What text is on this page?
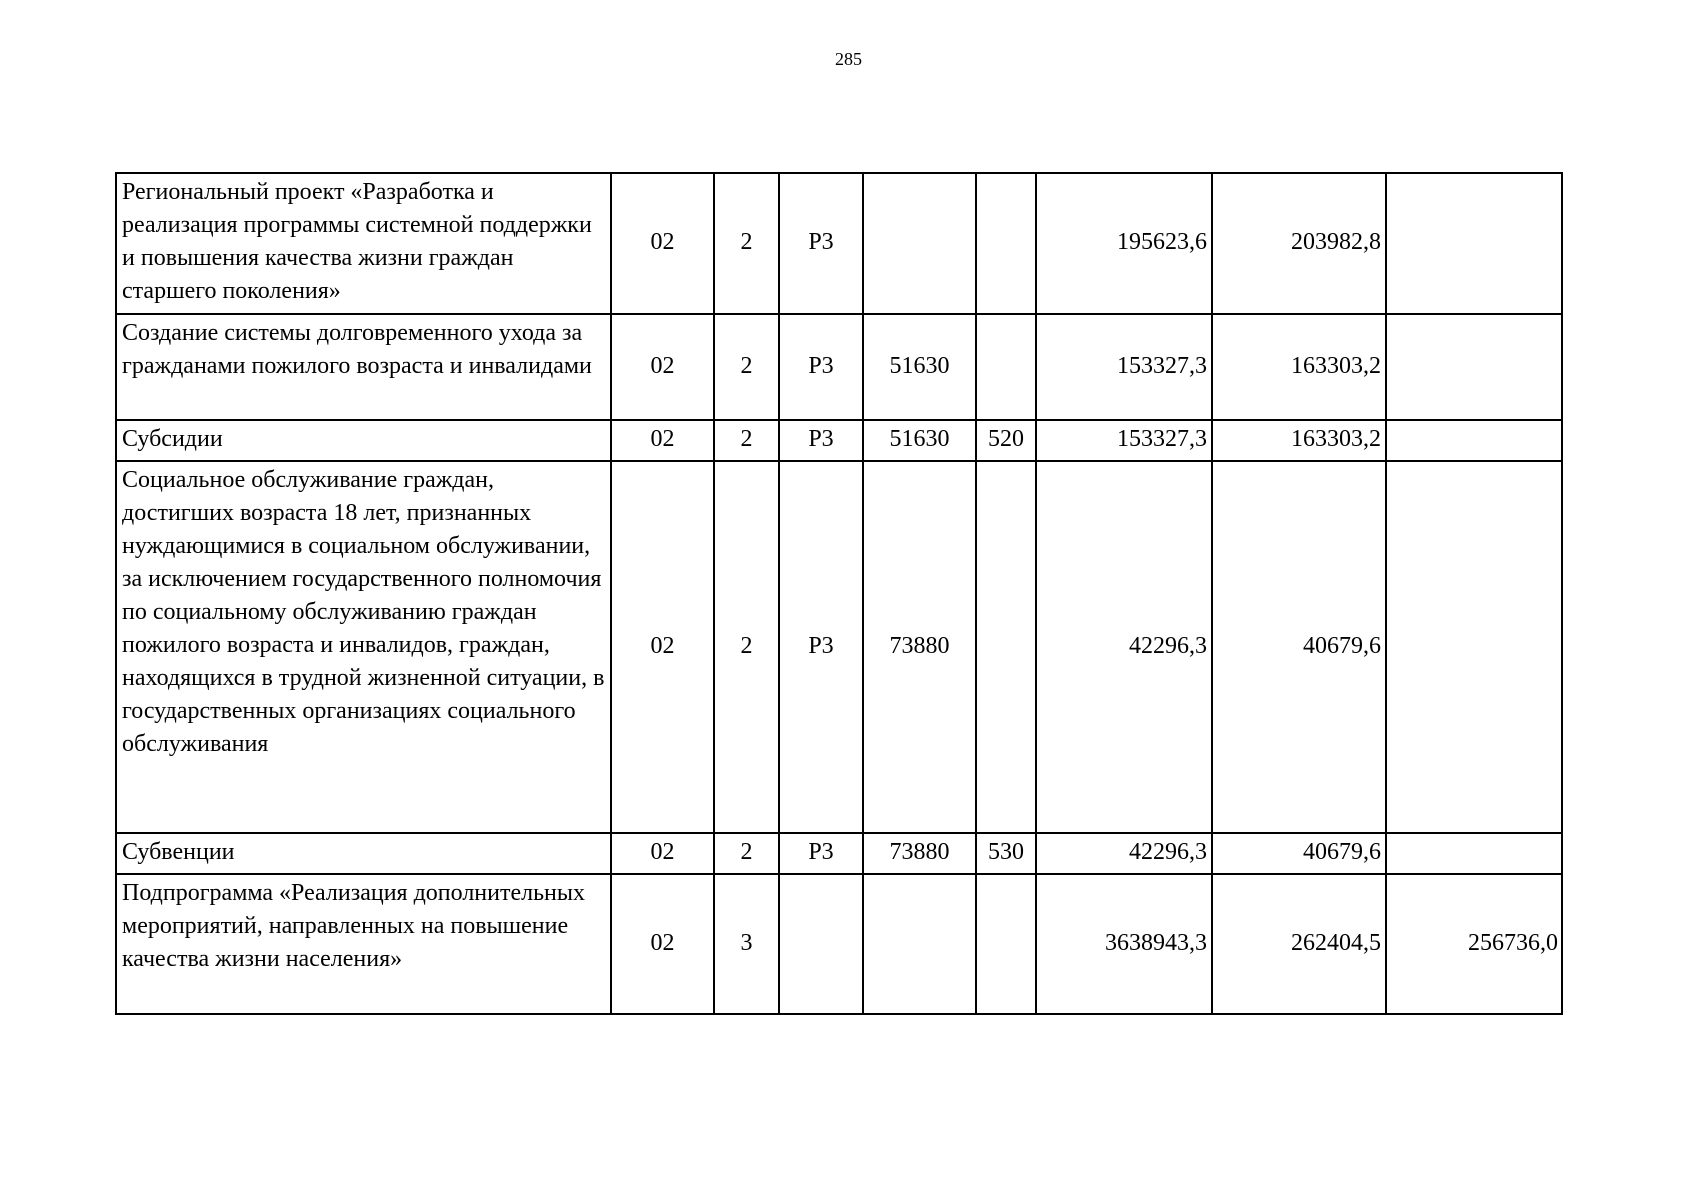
285
Региональный проект «Разработка и реализация программы системной поддержки и повышения качества жизни граждан старшего поколения»	02	2	Р3			195623,6	203982,8	
Создание системы долговременного ухода за гражданами пожилого возраста и инвалидами	02	2	Р3	51630		153327,3	163303,2	
Субсидии	02	2	Р3	51630	520	153327,3	163303,2	
Социальное обслуживание граждан, достигших возраста 18 лет, признанных нуждающимися в социальном обслуживании, за исключением государственного полномочия по социальному обслуживанию граждан пожилого возраста и инвалидов, граждан, находящихся в трудной жизненной ситуации, в государственных организациях социального обслуживания	02	2	Р3	73880		42296,3	40679,6	
Субвенции	02	2	Р3	73880	530	42296,3	40679,6	
Подпрограмма «Реализация дополнительных мероприятий, направленных на повышение качества жизни населения»	02	3				3638943,3	262404,5	256736,0
